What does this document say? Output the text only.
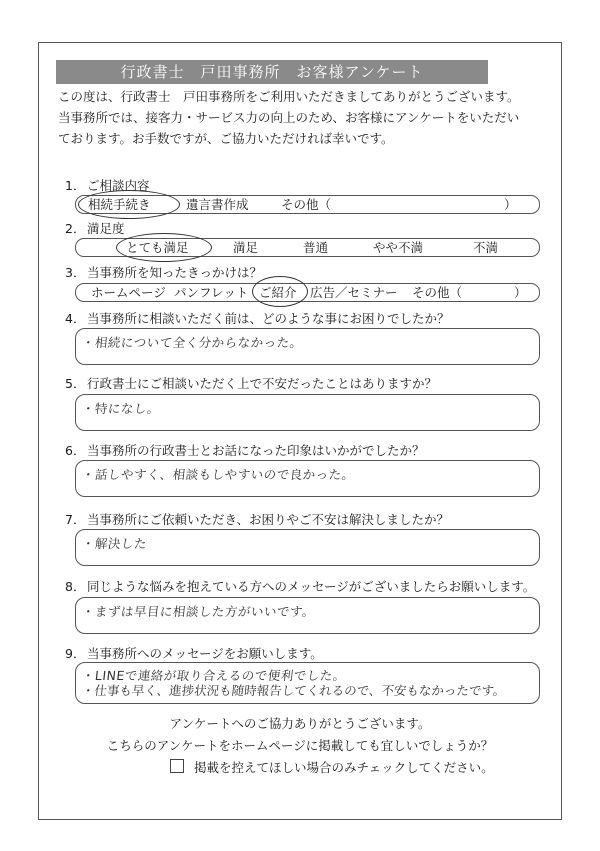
行政書士　戸田事務所　お客様アンケート
この度は、行政書士　戸田事務所をご利用いただきましてありがとうございます。
当事務所では、接客力・サービス力の向上のため、お客様にアンケートをいただい
ております。お手数ですが、ご協力いただければ幸いです。
1． ご相談内容
相続手続き	遺言書作成	その他（	）
2． 満足度
とても満足	満足	普通	やや不満	不満
3． 当事務所を知ったきっかけは？
ホームページ パンフレット ご紹介 広告／セミナー その他（	）
4． 当事務所に相談いただく前は、どのような事にお困りでしたか？
・相続について全く分からなかった。
5． 行政書士にご相談いただく上で不安だったことはありますか？
・特になし。
6． 当事務所の行政書士とお話になった印象はいかがでしたか？
・話しやすく、相談もしやすいので良かった。
7． 当事務所にご依頼いただき、お困りやご不安は解決しましたか？
・解決した
8． 同じような悩みを抱えている方へのメッセージがございましたらお願いします。
・まずは早目に相談した方がいいです。
9． 当事務所へのメッセージをお願いします。
・LINEで連絡が取り合えるので便利でした。
・仕事も早く、進捗状況も随時報告してくれるので、不安もなかったです。
アンケートへのご協力ありがとうございます。
こちらのアンケートをホームページに掲載しても宜しいでしょうか？
掲載を控えてほしい場合のみチェックしてください。
